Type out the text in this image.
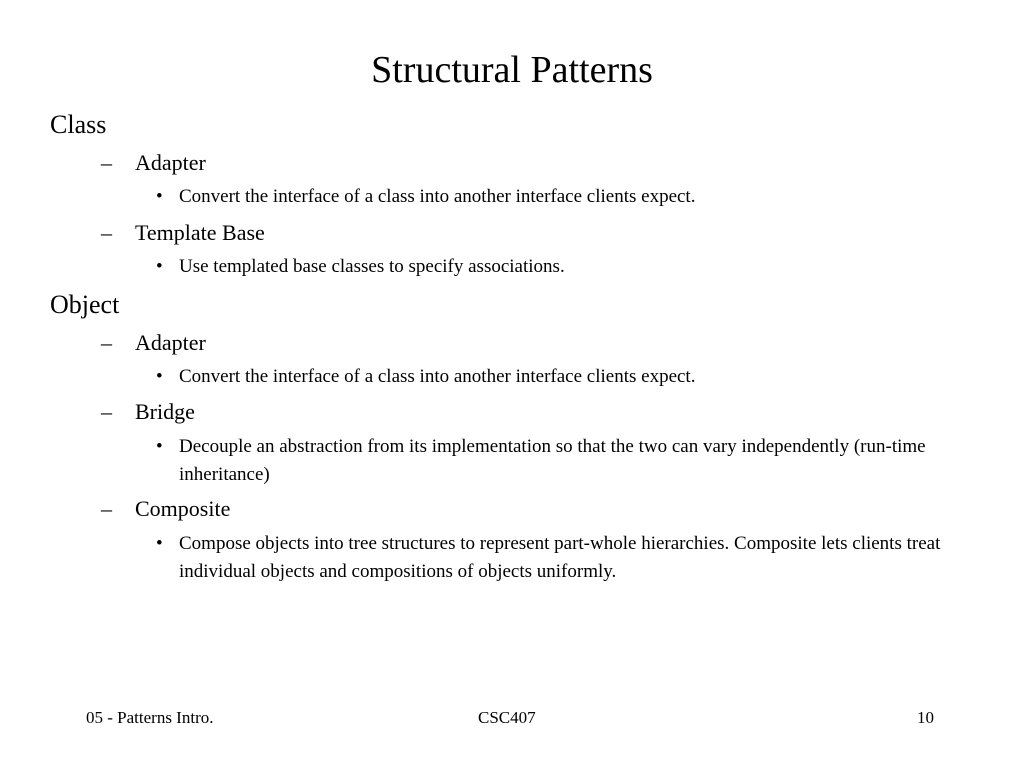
Structural Patterns
Class
– Adapter
• Convert the interface of a class into another interface clients expect.
– Template Base
• Use templated base classes to specify associations.
Object
– Adapter
• Convert the interface of a class into another interface clients expect.
– Bridge
• Decouple an abstraction from its implementation so that the two can vary independently (run-time inheritance)
– Composite
• Compose objects into tree structures to represent part-whole hierarchies. Composite lets clients treat individual objects and compositions of objects uniformly.
05 - Patterns Intro.	CSC407	10
